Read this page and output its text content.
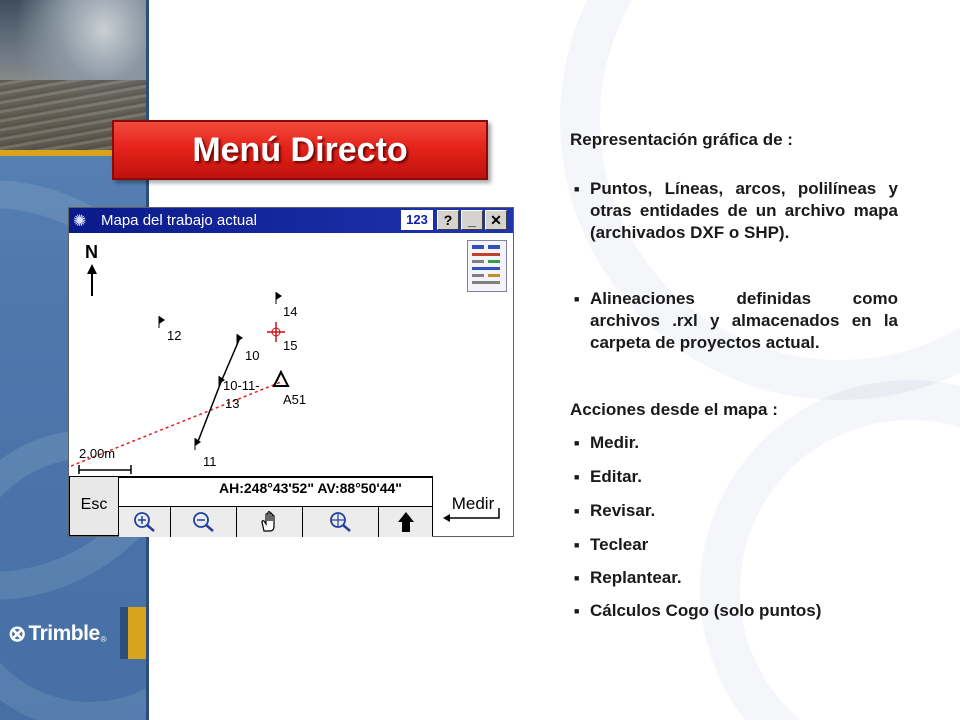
⊗ Trimble ®
Menú Directo
✺ Mapa del trabajo actual	123	?	_	✕
N
14
15
12
10
10-11-
13	A51
11
2.00m
Esc
AH:248°43'52" AV:88°50'44"
Medir
Representación gráfica de :
■ Puntos, Líneas, arcos, polilíneas y otras entidades de un archivo mapa (archivados DXF o SHP).
■ Alineaciones definidas como archivos .rxl y almacenados en la carpeta de proyectos actual.
Acciones desde el mapa :
■ Medir.
■ Editar.
■ Revisar.
■ Teclear
■ Replantear.
■ Cálculos Cogo (solo puntos)
